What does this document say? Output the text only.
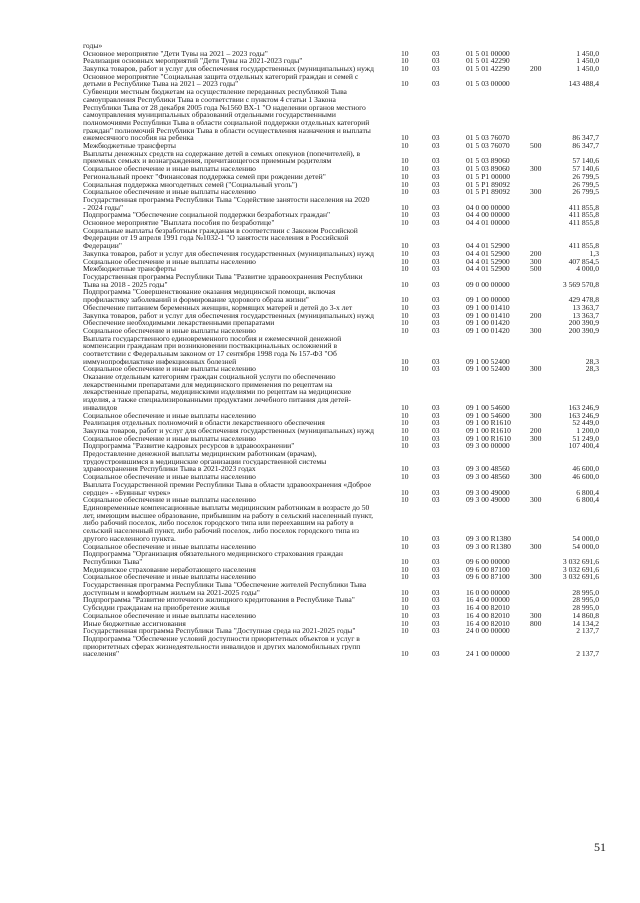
годы»
Основное мероприятие "Дети Тувы на 2021 – 2023 годы"	10	03	01 5 01 00000	1 450,0
Реализация основных мероприятий "Дети Тувы на 2021-2023 годы"	10	03	01 5 01 42290	1 450,0
Закупка товаров, работ и услуг для обеспечения государственных (муниципальных) нужд	10	03	01 5 01 42290	200	1 450,0
Основное мероприятие "Социальная защита отдельных категорий граждан и семей с
детьми в Республике Тыва на 2021 – 2023 годы"	10	03	01 5 03 00000	143 488,4
Субвенции местным бюджетам на осуществление переданных республикой Тыва
самоуправления Республики Тыва в соответствии с пунктом 4 статьи 1 Закона
Республики Тыва от 28 декабря 2005 года №1560 ВХ-1 "О наделении органов местного
самоуправления муниципальных образований отдельными государственными
полномочиями Республики Тыва в области социальной поддержки отдельных категорий
граждан" полномочий Республики Тыва в области осуществления назначения и выплаты
ежемесячного пособия на ребенка	10	03	01 5 03 76070	86 347,7
Межбюджетные трансферты	10	03	01 5 03 76070	500	86 347,7
Выплаты денежных средств на содержание детей в семьях опекунов (попечителей), в
приемных семьях и вознаграждения, причитающегося приемным родителям	10	03	01 5 03 89060	57 140,6
Социальное обеспечение и иные выплаты населению	10	03	01 5 03 89060	300	57 140,6
Региональный проект "Финансовая поддержка семей при рождении детей"	10	03	01 5 P1 00000	26 799,5
Социальная поддержка многодетных семей ("Социальный уголь")	10	03	01 5 P1 89092	26 799,5
Социальное обеспечение и иные выплаты населению	10	03	01 5 P1 89092	300	26 799,5
Государственная программа Республики Тыва "Содействие занятости населения на 2020
- 2024 годы"	10	03	04 0 00 00000	411 855,8
Подпрограмма "Обеспечение социальной поддержки безработных граждан"	10	03	04 4 00 00000	411 855,8
Основное мероприятие "Выплата пособия по безработице"	10	03	04 4 01 00000	411 855,8
Социальные выплаты безработным гражданам в соответствии с Законом Российской
Федерации от 19 апреля 1991 года №1032-1 "О занятости населения в Российской
Федерации"	10	03	04 4 01 52900	411 855,8
Закупка товаров, работ и услуг для обеспечения государственных (муниципальных) нужд	10	03	04 4 01 52900	200	1,3
Социальное обеспечение и иные выплаты населению	10	03	04 4 01 52900	300	407 854,5
Межбюджетные трансферты	10	03	04 4 01 52900	500	4 000,0
Государственная программа Республики Тыва "Развитие здравоохранения Республики
Тыва на 2018 - 2025 годы"	10	03	09 0 00 00000	3 569 570,8
Подпрограмма "Совершенствование оказания медицинской помощи, включая
профилактику заболеваний и формирование здорового образа жизни"	10	03	09 1 00 00000	429 478,8
Обеспечение питанием беременных женщин, кормящих матерей и детей до 3-х лет	10	03	09 1 00 01410	13 363,7
Закупка товаров, работ и услуг для обеспечения государственных (муниципальных) нужд	10	03	09 1 00 01410	200	13 363,7
Обеспечение необходимыми лекарственными препаратами	10	03	09 1 00 01420	200 390,9
Социальное обеспечение и иные выплаты населению	10	03	09 1 00 01420	300	200 390,9
Выплата государственного единовременного пособия и ежемесячной денежной
компенсации гражданам при возникновении поствакцинальных осложнений в
соответствии с Федеральным законом от 17 сентября 1998 года № 157-ФЗ "Об
иммунопрофилактике инфекционных болезней	10	03	09 1 00 52400	28,3
Социальное обеспечение и иные выплаты населению	10	03	09 1 00 52400	300	28,3
Оказание отдельным категориям граждан социальной услуги по обеспечению
лекарственными препаратами для медицинского применения по рецептам на
лекарственные препараты, медицинскими изделиями по рецептам на медицинские
изделия, а также специализированными продуктами лечебного питания для детей-
инвалидов	10	03	09 1 00 54600	163 246,9
Социальное обеспечение и иные выплаты населению	10	03	09 1 00 54600	300	163 246,9
Реализация отдельных полномочий в области лекарственного обеспечения	10	03	09 1 00 R1610	52 449,0
Закупка товаров, работ и услуг для обеспечения государственных (муниципальных) нужд	10	03	09 1 00 R1610	200	1 200,0
Социальное обеспечение и иные выплаты населению	10	03	09 1 00 R1610	300	51 249,0
Подпрограмма "Развитие кадровых ресурсов в здравоохранении"	10	03	09 3 00 00000	107 400,4
Предоставление денежной выплаты медицинским работникам (врачам),
трудоустроившимся в медицинские организации государственной системы
здравоохранения Республики Тыва в 2021-2023 годах	10	03	09 3 00 48560	46 600,0
Социальное обеспечение и иные выплаты населению	10	03	09 3 00 48560	300	46 600,0
Выплата Государственной премии Республики Тыва в области здравоохранения «Доброе
сердце» - «Буянныг чурек»	10	03	09 3 00 49000	6 800,4
Социальное обеспечение и иные выплаты населению	10	03	09 3 00 49000	300	6 800,4
Единовременные компенсационные выплаты медицинским работникам в возрасте до 50
лет, имеющим высшее образование, прибывшим на работу в сельский населенный пункт,
либо рабочий поселок, либо поселок городского типа или переехавшим на работу в
сельский населенный пункт, либо рабочий поселок, либо поселок городского типа из
другого населенного пункта.	10	03	09 3 00 R1380	54 000,0
Социальное обеспечение и иные выплаты населению	10	03	09 3 00 R1380	300	54 000,0
Подпрограмма "Организация обязательного медицинского страхования граждан
Республики Тыва"	10	03	09 6 00 00000	3 032 691,6
Медицинское страхование неработающего населения	10	03	09 6 00 87100	3 032 691,6
Социальное обеспечение и иные выплаты населению	10	03	09 6 00 87100	300	3 032 691,6
Государственная программа Республики Тыва "Обеспечение жителей Республики Тыва
доступным и комфортным жильем на 2021-2025 годы"	10	03	16 0 00 00000	28 995,0
Подпрограмма "Развитие ипотечного жилищного кредитования в Республике Тыва"	10	03	16 4 00 00000	28 995,0
Субсидии гражданам на приобретение жилья	10	03	16 4 00 82010	28 995,0
Социальное обеспечение и иные выплаты населению	10	03	16 4 00 82010	300	14 860,8
Иные бюджетные ассигнования	10	03	16 4 00 82010	800	14 134,2
Государственная программа Республики Тыва "Доступная среда на 2021-2025 годы"	10	03	24 0 00 00000	2 137,7
Подпрограмма "Обеспечение условий доступности приоритетных объектов и услуг в
приоритетных сферах жизнедеятельности инвалидов и других маломобильных групп
населения"	10	03	24 1 00 00000	2 137,7
51
